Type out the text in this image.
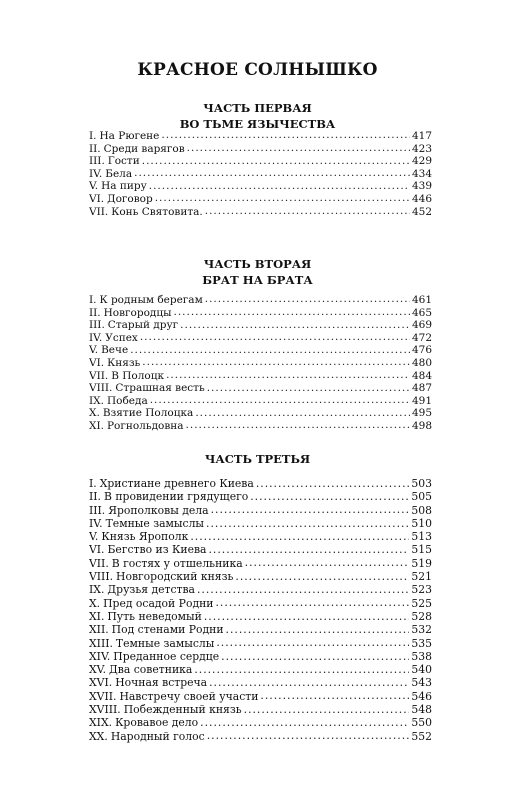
КРАСНОЕ СОЛНЫШКО
ЧАСТЬ ПЕРВАЯ
ВО ТЬМЕ ЯЗЫЧЕСТВА
I. На Рюгене .....	417
II. Среди варягов .....	423
III. Гости .....	429
IV. Бела .....	434
V. На пиру .....	439
VI. Договор .....	446
VII. Конь Святовита. .....	452
ЧАСТЬ ВТОРАЯ
БРАТ НА БРАТА
I. К родным берегам .....	461
II. Новгородцы .....	465
III. Старый друг .....	469
IV. Успех .....	472
V. Вече .....	476
VI. Князь .....	480
VII. В Полоцк .....	484
VIII. Страшная весть .....	487
IX. Победа .....	491
X. Взятие Полоцка .....	495
XI. Рогнольдовна .....	498
ЧАСТЬ ТРЕТЬЯ
I. Христиане древнего Киева .....	503
II. В провидении грядущего .....	505
III. Ярополковы дела .....	508
IV. Темные замыслы .....	510
V. Князь Ярополк .....	513
VI. Бегство из Киева .....	515
VII. В гостях у отшельника .....	519
VIII. Новгородский князь .....	521
IX. Друзья детства .....	523
X. Пред осадой Родни .....	525
XI. Путь неведомый .....	528
XII. Под стенами Родни .....	532
XIII. Темные замыслы .....	535
XIV. Преданное сердце .....	538
XV. Два советника .....	540
XVI. Ночная встреча .....	543
XVII. Навстречу своей участи .....	546
XVIII. Побежденный князь .....	548
XIX. Кровавое дело .....	550
XX. Народный голос .....	552
